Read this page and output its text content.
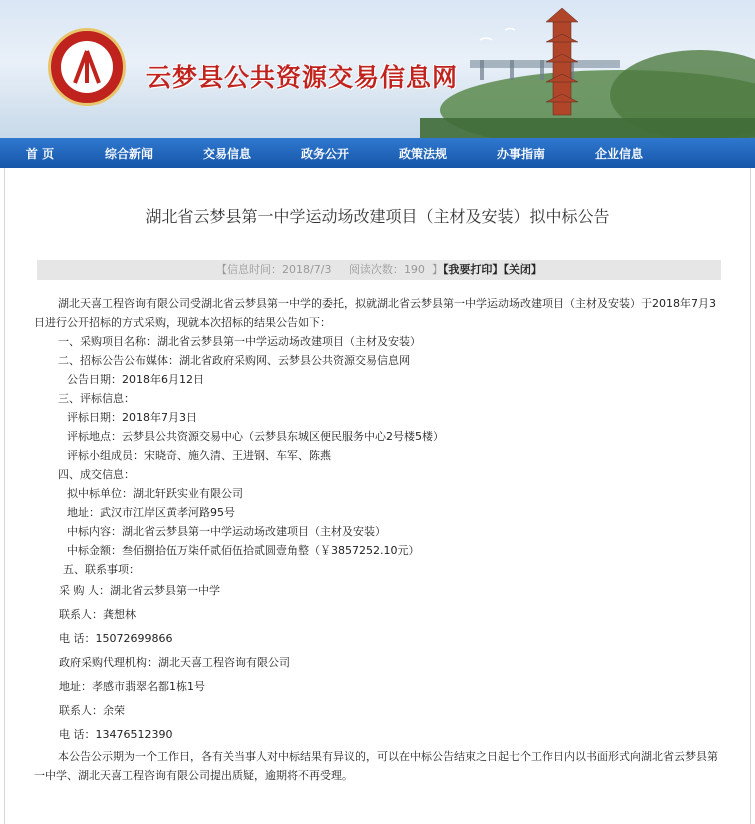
云梦县公共资源交易信息网
首 页	综合新闻	交易信息	政务公开	政策法规	办事指南	企业信息
湖北省云梦县第一中学运动场改建项目（主材及安装）拟中标公告
【信息时间：2018/7/3 阅读次数：190 】【我要打印】【关闭】

湖北天喜工程咨询有限公司受湖北省云梦县第一中学的委托，拟就湖北省云梦县第一中学运动场改建项目（主材及安装）于2018年7月3日进行公开招标的方式采购，现就本次招标的结果公告如下：

一、采购项目名称：湖北省云梦县第一中学运动场改建项目（主材及安装）

二、招标公告公布媒体：湖北省政府采购网、云梦县公共资源交易信息网

公告日期：2018年6月12日

三、评标信息：

评标日期：2018年7月3日

评标地点：云梦县公共资源交易中心（云梦县东城区便民服务中心2号楼5楼）

评标小组成员：宋晓奇、施久清、王进钢、车军、陈燕

四、成交信息：

拟中标单位：湖北轩跃实业有限公司

地址：武汉市江岸区黄孝河路95号

中标内容：湖北省云梦县第一中学运动场改建项目（主材及安装）

中标金额：叁佰捌拾伍万柒仟贰佰伍拾贰圆壹角整（￥3857252.10元）

五、联系事项：

采 购 人：湖北省云梦县第一中学

联系人：龚想林

电 话：15072699866

政府采购代理机构：湖北天喜工程咨询有限公司

地址：孝感市翡翠名都1栋1号

联系人：余荣

电 话：13476512390

本公告公示期为一个工作日，各有关当事人对中标结果有异议的，可以在中标公告结束之日起七个工作日内以书面形式向湖北省云梦县第一中学、湖北天喜工程咨询有限公司提出质疑，逾期将不再受理。
